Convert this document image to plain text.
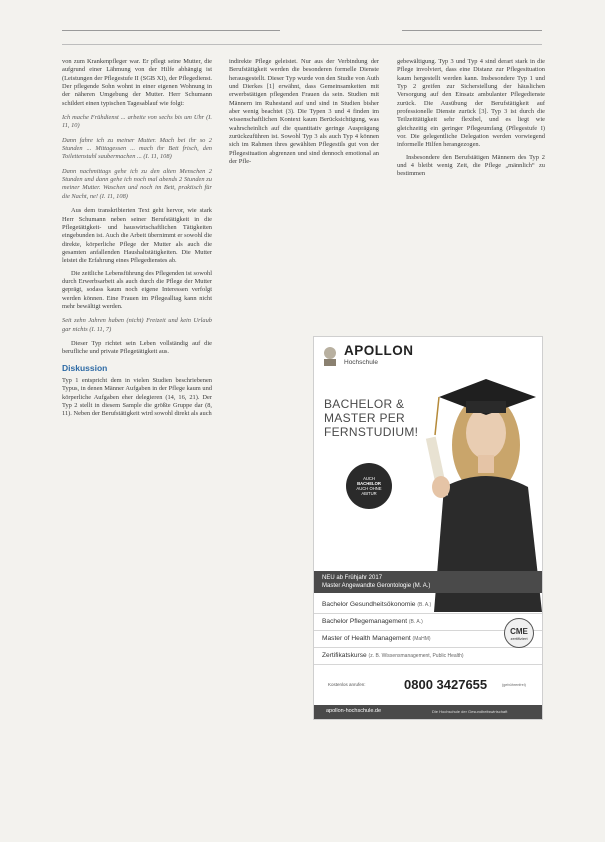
von zum Krankenpfleger war. Er pflegt seine Mutter, die aufgrund einer Lähmung von der Hilfe abhängig ist (Leistungen der Pflegestufe II (SGB XI), der Pflegedienst. Der pflegende Sohn wohnt in einer eigenen Wohnung in der näheren Umgebung der Mutter. Herr Schumann schildert einen typischen Tagesablauf wie folgt:

Ich mache Frühdienst ... arbeite von sechs bis um Uhr (I. 11, 10)

Dann fahre ich zu meiner Mutter. Mach bei ihr so 2 Stunden ... Mittagessen ... mach ihr Bett frisch, den Toilettenstuhl saubermachen ... (I. 11, 108)

Dann nachmittags gehe ich zu den alten Menschen 2 Stunden und dann gehe ich noch mal abends 2 Stunden zu meiner Mutter. Waschen und noch im Bett, praktisch für die Nacht, ne! (I. 11, 108)

Aus dem transkribierten Text geht hervor, wie stark Herr Schumann neben seiner Berufstätigkeit in die Pflegetätigkeit- und hauswirtschaftlichen Tätigkeiten eingebunden ist. Auch die Arbeit übernimmt er sowohl die direkte, körperliche Pflege der Mutter als auch die gesamten anfallenden Haushaltstätigkeiten. Die Mutter leistet die Erfahrung eines Pflegedienstes ab.

Die zeitliche Lebensführung des Pflegenden ist sowohl durch Erwerbsarbeit als auch durch die Pflege der Mutter geprägt, sodass kaum noch eigene Interessen verfolgt werden können. Eine Frauen im Pflegealltag kann nicht mehr bewältigt werden.

Seit zehn Jahren haben (nicht) Freizeit und kein Urlaub gar nichts (I. 11, 7)

Dieser Typ richtet sein Leben vollständig auf die berufliche und private Pflegetätigkeit aus.

Diskussion

Typ 1 entspricht dem in vielen Studien beschriebenen Typus, in denen Männer Aufgaben in der Pflege kaum und körperliche Aufgaben eher delegieren (14, 16, 21). Der Typ 2 stellt in diesem Sample die größte Gruppe dar (8, 11). Neben der Berufstätigkeit wird sowohl direkt als auch

indirekte Pflege geleistet. Nur aus der Verbindung der Berufstätigkeit werden die besonderen formelle Dienste herausgestellt. Dieser Typ wurde von den Studie von Auth und Dierkes [1] erwähnt, dass Gemeinsamkeiten mit erwerbstätigen pflegenden Frauen da sein. Studien mit Männern im Ruhestand auf und sind in Studien bisher aber wenig beachtet (3). Die Typen 3 und 4 finden im wissenschaftlichen Kontext kaum Berücksichtigung, was wahrscheinlich auf die quantitativ geringe Ausprägung zurückzuführen ist. Sowohl Typ 3 als auch Typ 4 können sich im Rahmen ihres gewählten Pflegestils gut von der Pflegesituation abgrenzen und sind dennoch emotional an der Pfle-

gebewältigung. Typ 3 und Typ 4 sind derart stark in die Pflege involviert, dass eine Distanz zur Pflegesituation kaum hergestellt werden kann. Insbesondere Typ 1 und Typ 2 greifen zur Sicherstellung der häuslichen Versorgung auf den Einsatz ambulanter Pflegedienste zurück. Die Ausübung der Berufstätigkeit auf professionelle Dienste zurück [3]. Typ 3 ist durch die Teilzeittätigkeit sehr flexibel, und es liegt wie gleichzeitig ein geringer Pflegeumfang (Pflegestufe I) vor. Die gelegentliche Delegation werden vorwiegend informelle Hilfen herangezogen.

Insbesondere den Berufstätigen Männern des Typ 2 und 4 bleibt wenig Zeit, die Pflege „männlich“ zu bestimmen

APOLLON
Hochschule
BACHELOR &
MASTER PER
FERNSTUDIUM!
AUCH
BACHELOR
AUCH OHNE
ABITUR
NEU ab Frühjahr 2017
Master Angewandte Gerontologie (M. A.)
Bachelor Gesundheitsökonomie (B. A.)
Bachelor Pflegemanagement (B. A.)
Master of Health Management (MaHM)
Zertifikatskurse (z. B. Wissensmanagement, Public Health)
CME
zertifiziert
Kostenlos anrufen:	0800 3427655	(gebührenfrei)
apollon-hochschule.de	Die Hochschule der Gesundheitswirtschaft
